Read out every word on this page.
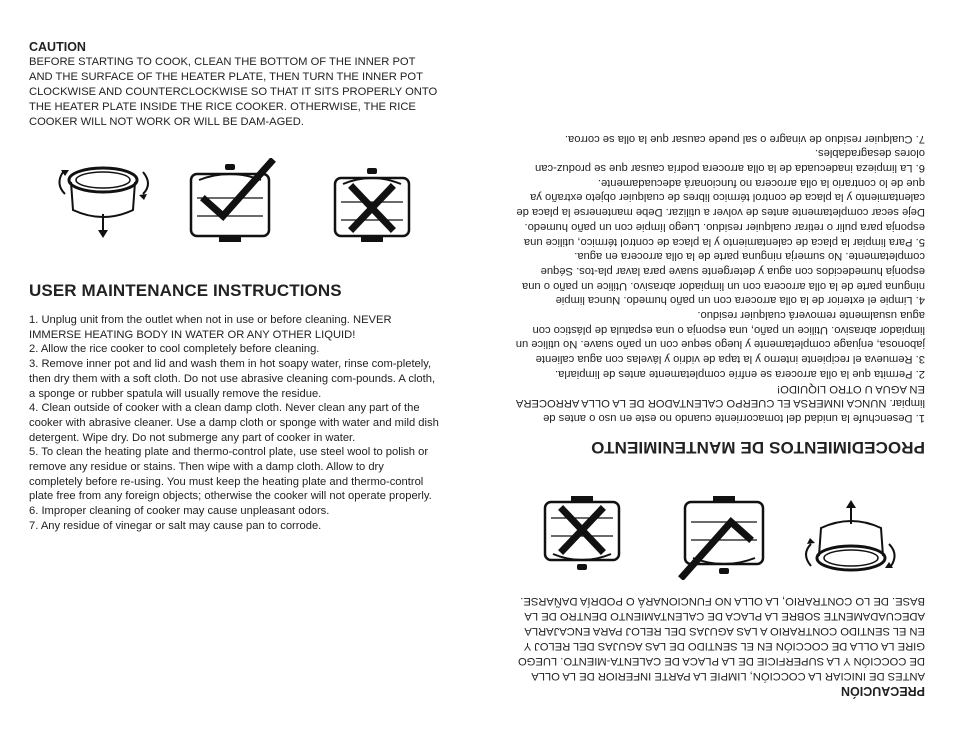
CAUTION
BEFORE STARTING TO COOK, CLEAN THE BOTTOM OF THE INNER POT AND THE SURFACE OF THE HEATER PLATE, THEN TURN THE INNER POT CLOCKWISE AND COUNTERCLOCKWISE SO THAT IT SITS PROPERLY ONTO THE HEATER PLATE INSIDE THE RICE COOKER. OTHERWISE, THE RICE COOKER WILL NOT WORK OR WILL BE DAM-AGED.
USER MAINTENANCE INSTRUCTIONS

1. Unplug unit from the outlet when not in use or before cleaning. NEVER IMMERSE HEATING BODY IN WATER OR ANY OTHER LIQUID!

2. Allow the rice cooker to cool completely before cleaning.

3. Remove inner pot and lid and wash them in hot soapy water, rinse com-pletely, then dry them with a soft cloth. Do not use abrasive cleaning com-pounds. A cloth, a sponge or rubber spatula will usually remove the residue.

4. Clean outside of cooker with a clean damp cloth. Never clean any part of the cooker with abrasive cleaner. Use a damp cloth or sponge with water and mild dish detergent. Wipe dry. Do not submerge any part of cooker in water.

5. To clean the heating plate and thermo-control plate, use steel wool to polish or remove any residue or stains. Then wipe with a damp cloth. Allow to dry completely before re-using. You must keep the heating plate and thermo-control plate free from any foreign objects; otherwise the cooker will not operate properly.

6. Improper cleaning of cooker may cause unpleasant odors.

7. Any residue of vinegar or salt may cause pan to corrode.

PRECAUCIÓN
ANTES DE INICIAR LA COCCIÓN, LIMPIE LA PARTE INFERIOR DE LA OLLA DE COCCIÓN Y LA SUPERFICIE DE LA PLACA DE CALENTA-MIENTO. LUEGO GIRE LA OLLA DE COCCIÓN EN EL SENTIDO DE LAS AGUJAS DEL RELOJ Y EN EL SENTIDO CONTRARIO A LAS AGUJAS DEL RELOJ PARA ENCAJARLA ADECUADAMENTE SOBRE LA PLACA DE CALENTAMIENTO DENTRO DE LA BASE. DE LO CONTRARIO, LA OLLA NO FUNCIONARÁ O PODRÍA DAÑARSE.
PROCEDIMIENTOS DE MANTENIMIENTO

1. Desenchufe la unidad del tomacorriente cuando no este en uso o antes de limpiar. NUNCA INMERSA EL CUERPO CALENTADOR DE LA OLLA ARROCERA EN AGUA U OTRO LIQUIDO!

2. Permita que la olla arrocera se enfríe completamente antes de limpiarla.

3. Remueva el recipiente interno y la tapa de vidrio y lávelas con agua caliente jabonosa, enjuage completamente y luego seque con un paño suave. No utilice un limpiador abrasivo. Utilice un paño, una esponja o una espatula de plástico con agua usualmente removerá cualquier residuo.

4. Limpie el exterior de la olla arrocera con un paño humedo. Nunca limpie ninguna parte de la olla arrocera con un limpiador abrasivo. Utilice un paño o una esponja humedecidos con agua y detergente suave para lavar pla-tos. Séque completamente. No sumerja ninguna parte de la olla arrocera en agua.

5. Para limpiar la placa de calentamiento y la placa de control térmico, utilice una esponja para pulir o retirar cualquier residuo. Luego límpie con un paño humedo. Deje secar completamente antes de volver a utilizar. Debe mantenerse la placa de calentamiento y la placa de control térmico libres de cualquier objeto extraño ya que de lo contrario la olla arrocera no funcionará adecuadamente.

6. La limpieza inadecuada de la olla arrocera podría causar que se produz-can olores desagradables.

7. Cualquier residuo de vinagre o sal puede causar que la olla se corroa.
